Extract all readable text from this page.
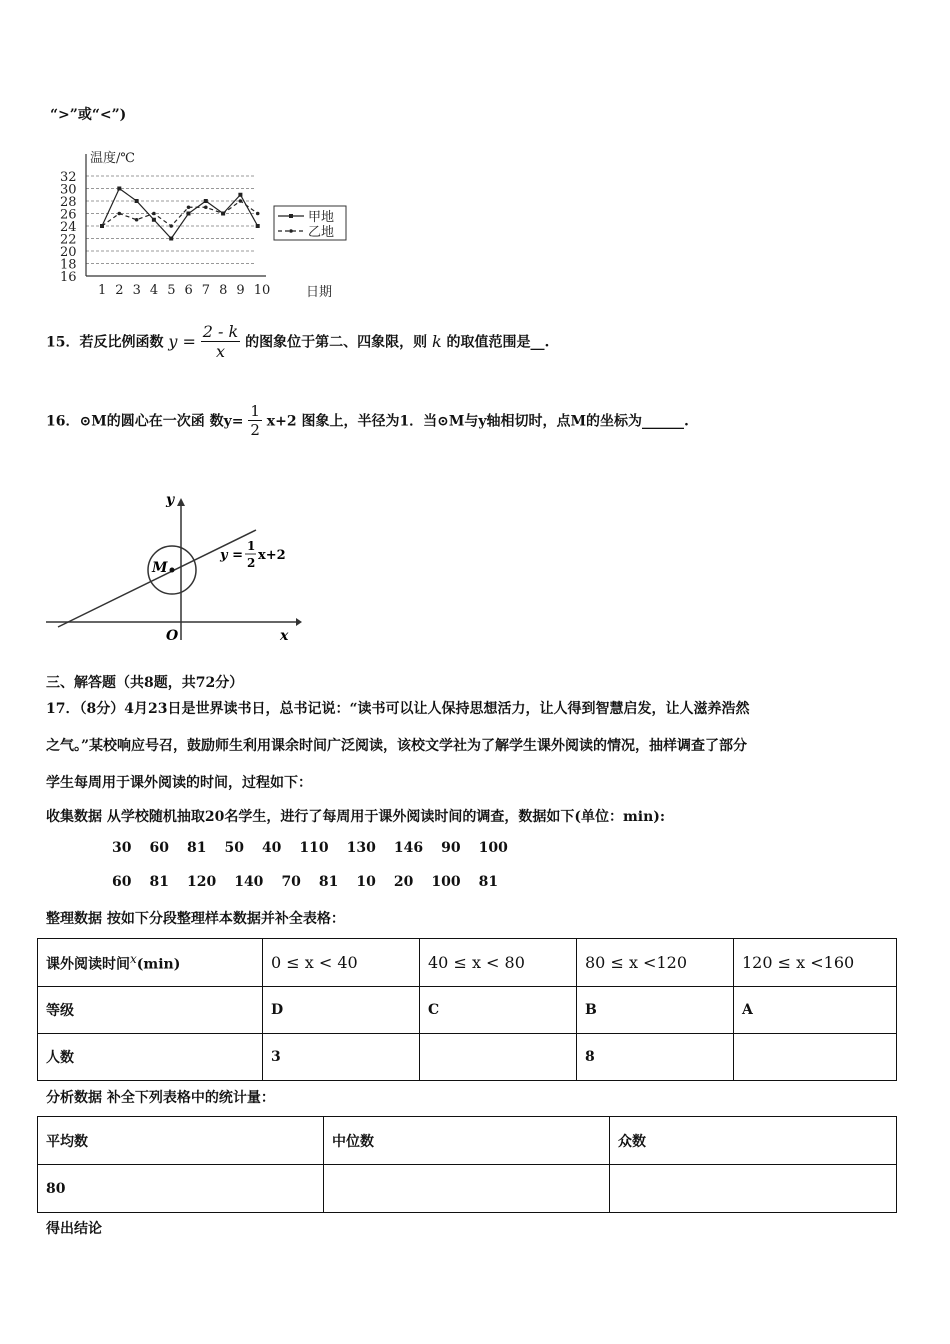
“>”或“<”)
32
30
28
26
24
22
20
18
16
1 2 3 4 5 6 7 8 9 10
温度/℃
日期
甲地
乙地
15．若反比例函数 $y = \frac{2 - k}{x}$ 的图象位于第二、四象限，则 k 的取值范围是__.
16．⊙M的圆心在一次函 数$y= \frac{1}{2} x+2$ 图象上，半径为1．当⊙M与y轴相切时，点M的坐标为______.
y
x
O
M
y =
1
2 x+2
三、解答题（共8题，共72分）
17．（8分）4月23日是世界读书日，总书记说：“读书可以让人保持思想活力，让人得到智慧启发，让人滋养浩然
之气。”某校响应号召，鼓励师生利用课余时间广泛阅读，该校文学社为了解学生课外阅读的情况，抽样调查了部分
学生每周用于课外阅读的时间，过程如下：
收集数据 从学校随机抽取20名学生，进行了每周用于课外阅读时间的调查，数据如下(单位：min):
30 60 81 50 40 110 130 146 90 100
60 81 120 140 70 81 10 20 100 81
整理数据 按如下分段整理样本数据并补全表格：
课外阅读时间$^x$(min)	0 ≤ x < 40	40 ≤ x < 80	80 ≤ x <120	120 ≤ x <160
等级	D	C	B	A
人数	3		8	
分析数据 补全下列表格中的统计量：
平均数	中位数	众数
80		
得出结论
